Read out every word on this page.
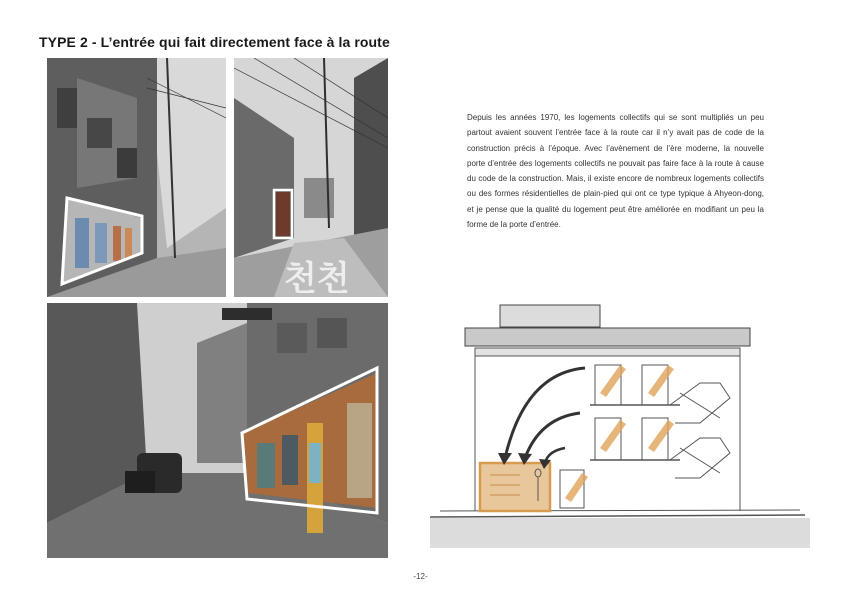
TYPE 2 - L’entrée qui fait directement face à la route
천천

Depuis les années 1970, les logements collectifs qui se sont multipliés un peu partout avaient souvent l’entrée face à la route car il n’y avait pas de code de la construction précis à l’époque. Avec l’avènement de l’ère moderne, la nouvelle porte d’entrée des logements collectifs ne pouvait pas faire face à la route à cause du code de la construction. Mais, il existe encore de nombreux logements collectifs ou des formes résidentielles de plain-pied qui ont ce type typique à Ahyeon-dong, et je pense que la qualité du logement peut être améliorée en modifiant un peu la forme de la porte d’entrée.

-12-
